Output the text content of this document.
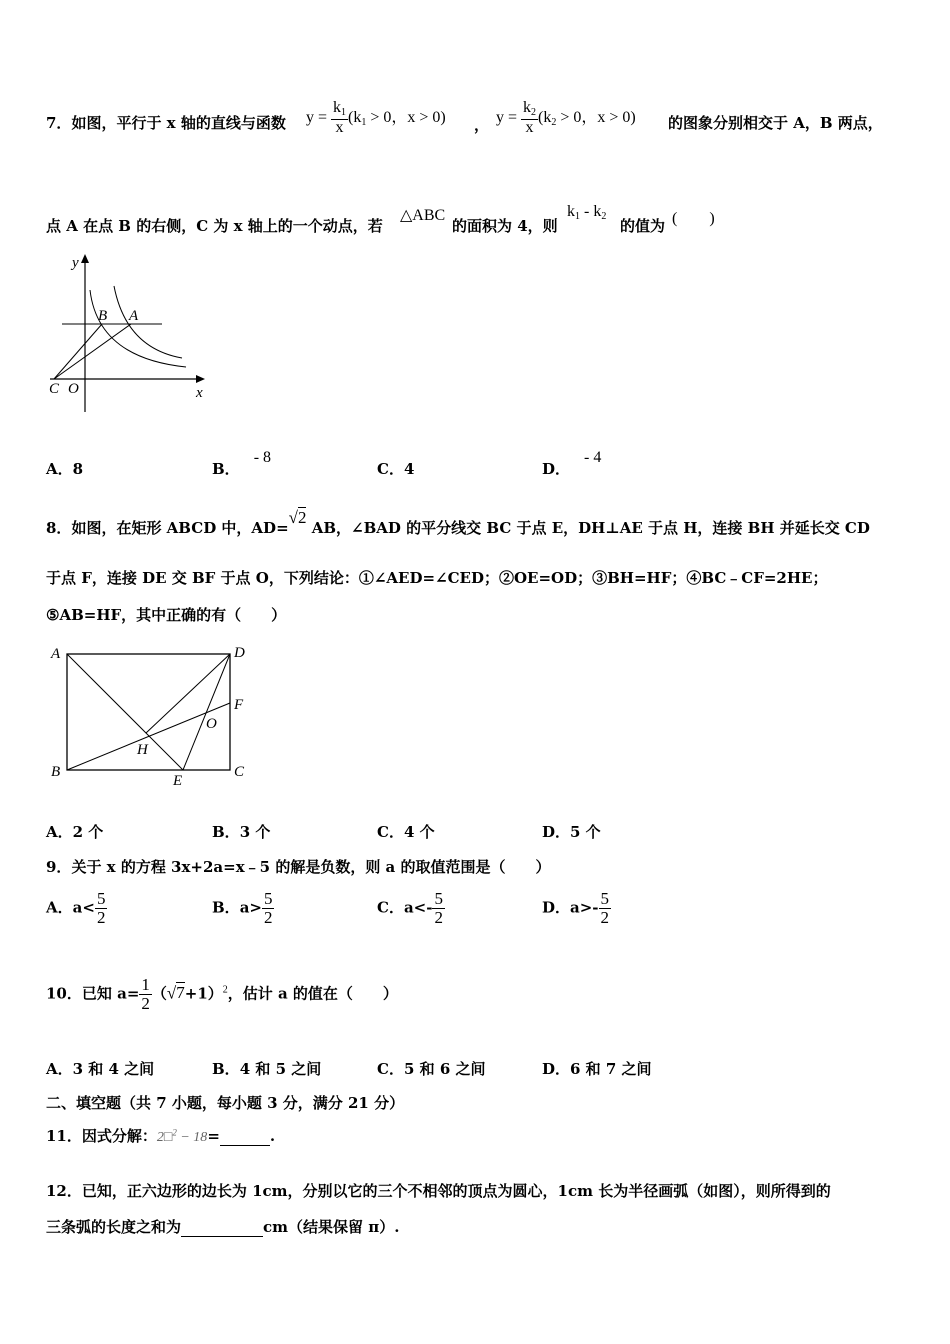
7．如图，平行于 x 轴的直线与函数 $y = \frac{k_1}{x} (k_1 > 0$，x > 0) ， $y = \frac{k_2}{x} (k_2 > 0$，x > 0) 的图象分别相交于 A，B 两点，
点 A 在点 B 的右侧，C 为 x 轴上的一个动点，若
△ABC
的面积为 4，则
$k_1 - k_2$
的值为 (　　)
y
x
B A
C O
A．8	B．- 8
C．4	D．- 4
8．如图，在矩形 ABCD 中，AD=√2 AB，∠BAD 的平分线交 BC 于点 E，DH⊥AE 于点 H，连接 BH 并延长交 CD
于点 F，连接 DE 交 BF 于点 O，下列结论：①∠AED=∠CED；②OE=OD；③BH=HF；④BC﹣CF=2HE；
⑤AB=HF，其中正确的有（　　）
A	D
F
O
H
B
E
C
A．2 个	B．3 个	C．4 个	D．5 个
9．关于 x 的方程 3x+2a=x﹣5 的解是负数，则 a 的取值范围是（　　）
A．$a< \frac{5}{2}$	B．$a> \frac{5}{2}$	C．$a<- \frac{5}{2}$	D．$a>- \frac{5}{2}$
10．已知 $a= \frac{1}{2} (√7+1)^2$，估计 a 的值在（　　）
A．3 和 4 之间	B．4 和 5 之间	C．5 和 6 之间	D．6 和 7 之间
二、填空题（共 7 小题，每小题 3 分，满分 21 分）
11．因式分解：2□$^2$ − 18=	.
12．已知，正六边形的边长为 1cm，分别以它的三个不相邻的顶点为圆心，1cm 长为半径画弧（如图），则所得到的
三条弧的长度之和为	cm（结果保留 π）.
